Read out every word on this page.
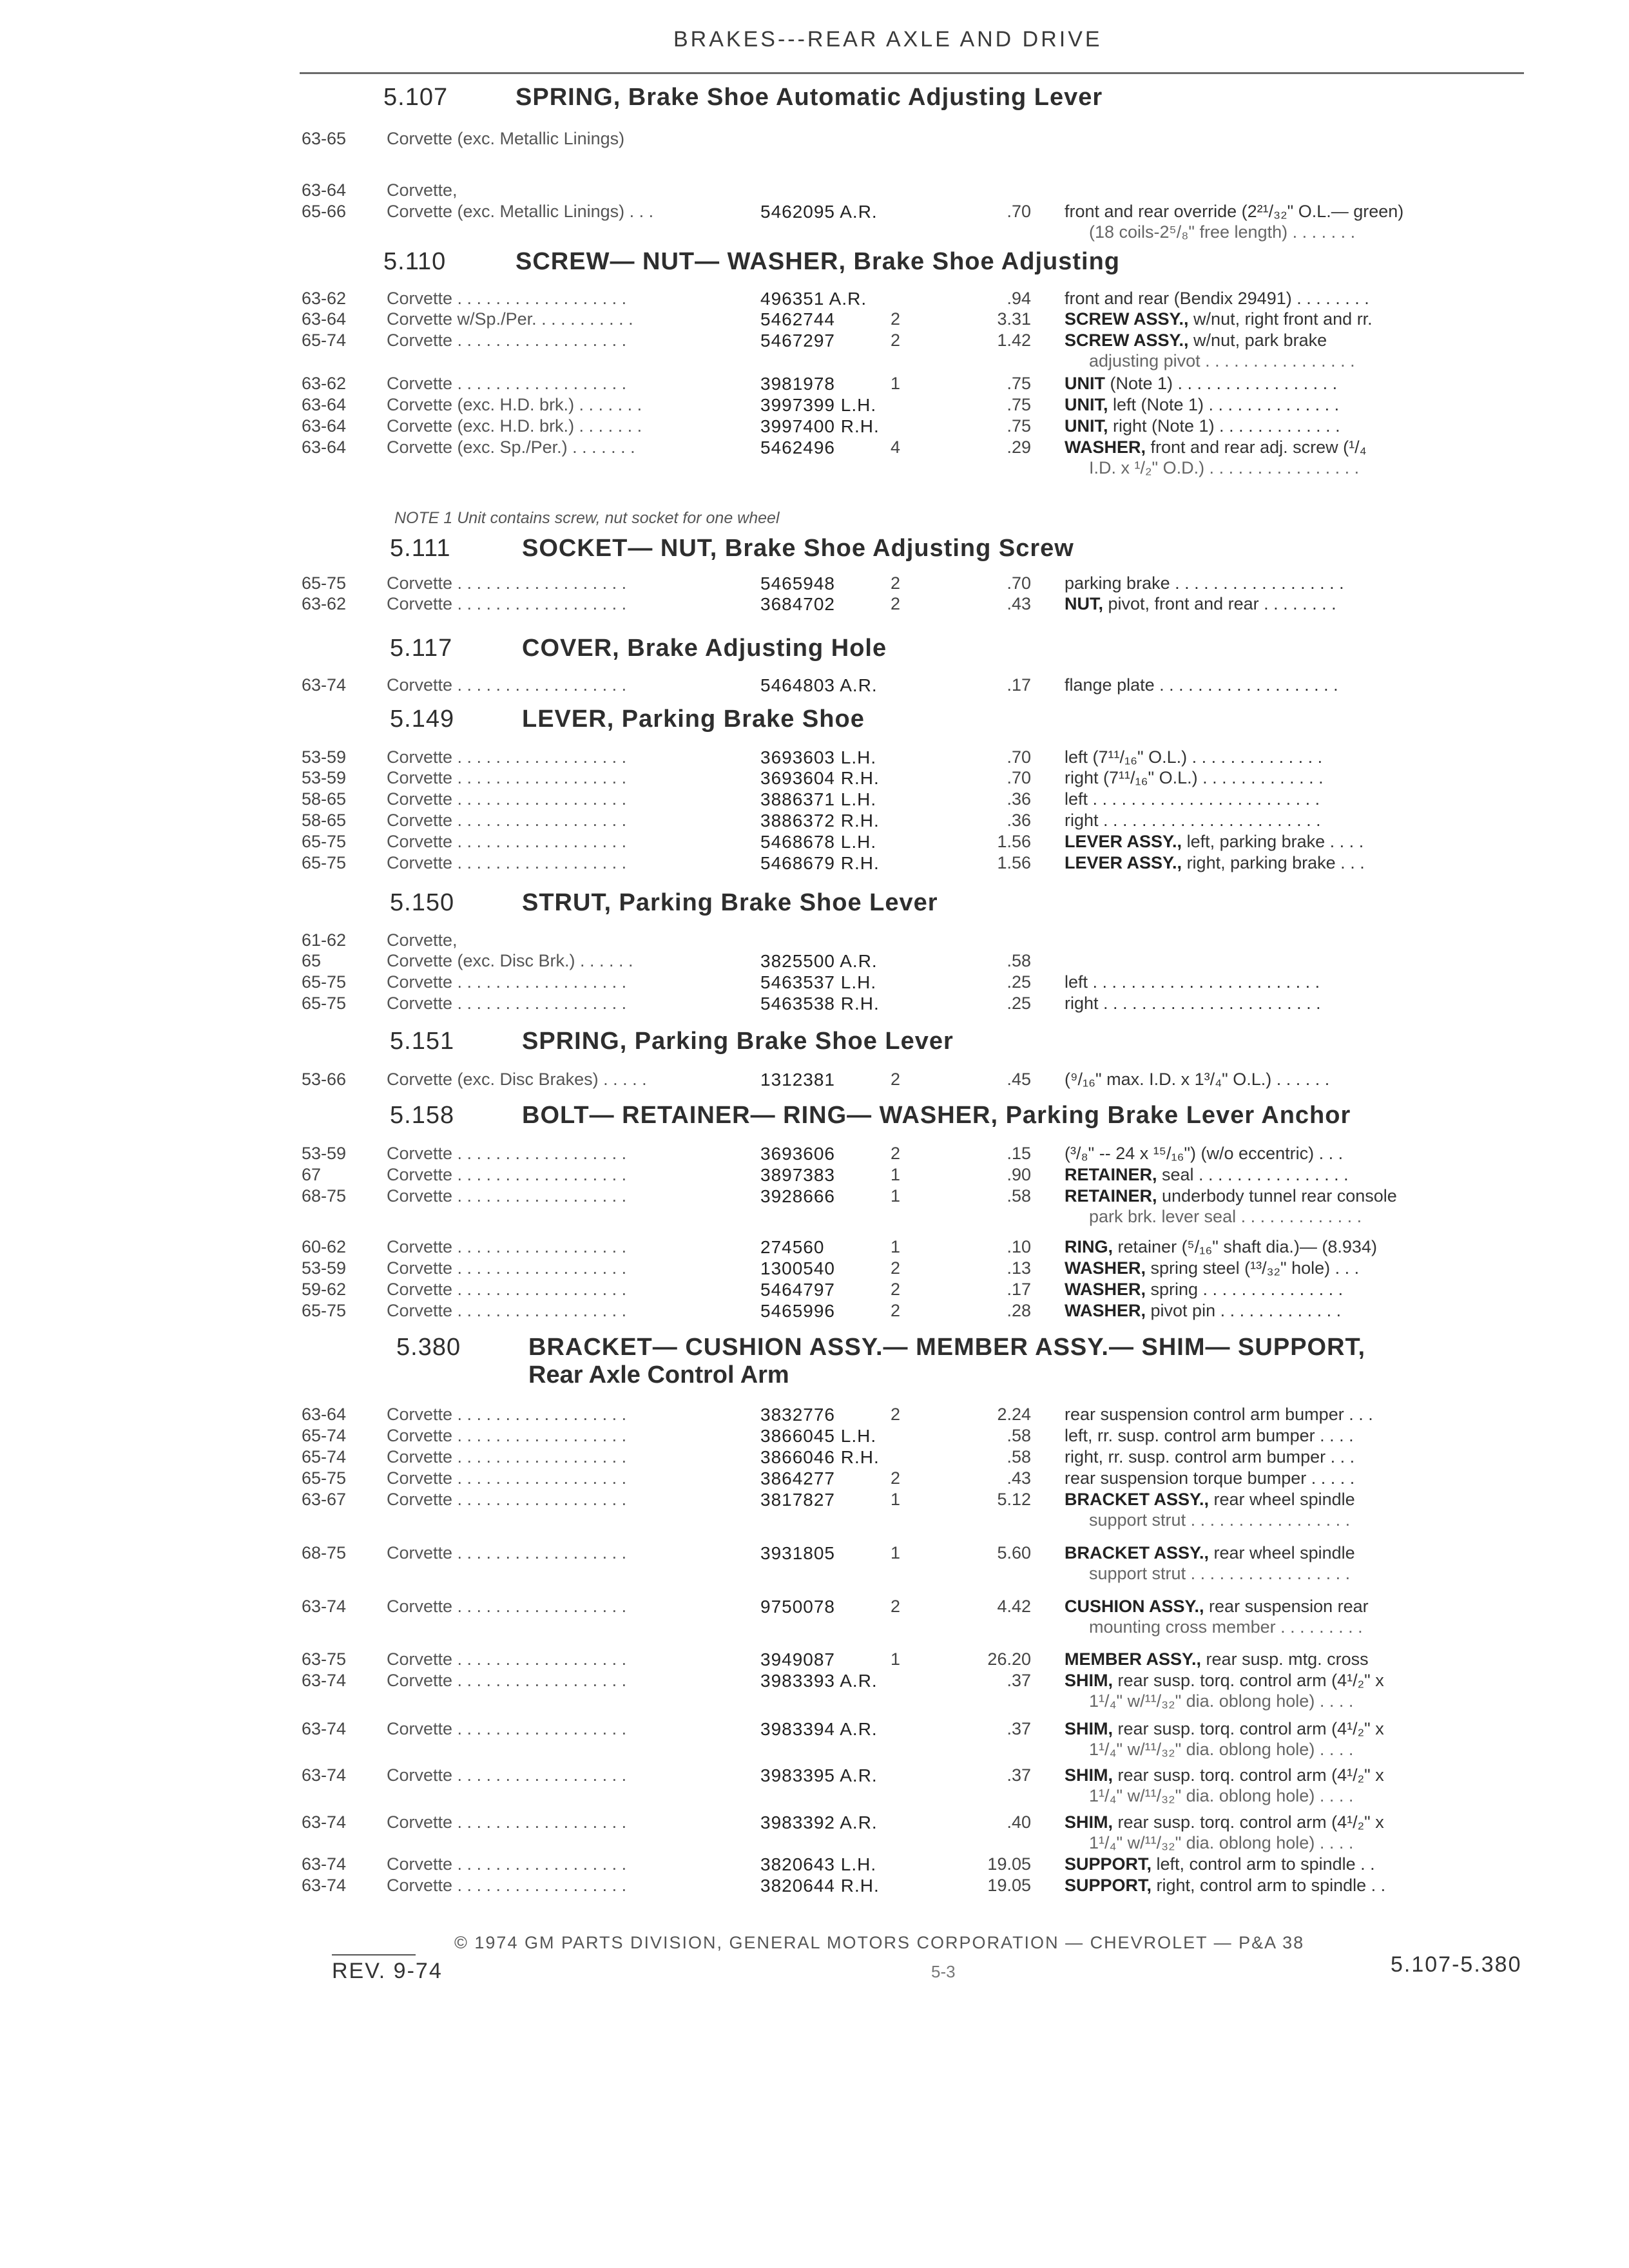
BRAKES---REAR AXLE AND DRIVE
5.107	SPRING, Brake Shoe Automatic Adjusting Lever
63-65 Corvette (exc. Metallic Linings)
63-64 Corvette,
65-66 Corvette (exc. Metallic Linings) . . .	5462095 A.R.	.70 front and rear override (2²¹/₃₂" O.L.— green)
(18 coils-2⁵/₈" free length) . . . . . . .
5.110	SCREW— NUT— WASHER, Brake Shoe Adjusting
63-62 Corvette . . . . . . . . . . . . . . . . . .	496351 A.R.	.94 front and rear (Bendix 29491) . . . . . . . .
63-64 Corvette w/Sp./Per. . . . . . . . . . .	5462744	2	3.31 SCREW ASSY., w/nut, right front and rr.
65-74 Corvette . . . . . . . . . . . . . . . . . .	5467297	2	1.42 SCREW ASSY., w/nut, park brake
adjusting pivot . . . . . . . . . . . . . . . .
63-62 Corvette . . . . . . . . . . . . . . . . . .	3981978	1	.75 UNIT (Note 1) . . . . . . . . . . . . . . . . .
63-64 Corvette (exc. H.D. brk.) . . . . . . .	3997399 L.H.	.75 UNIT, left (Note 1) . . . . . . . . . . . . . .
63-64 Corvette (exc. H.D. brk.) . . . . . . .	3997400 R.H.	.75 UNIT, right (Note 1) . . . . . . . . . . . . .
63-64 Corvette (exc. Sp./Per.) . . . . . . .	5462496	4	.29 WASHER, front and rear adj. screw (¹/₄
I.D. x ¹/₂" O.D.) . . . . . . . . . . . . . . . .
NOTE 1 Unit contains screw, nut socket for one wheel
5.111	SOCKET— NUT, Brake Shoe Adjusting Screw
65-75 Corvette . . . . . . . . . . . . . . . . . .	5465948	2	.70 parking brake . . . . . . . . . . . . . . . . . .
63-62 Corvette . . . . . . . . . . . . . . . . . .	3684702	2	.43 NUT, pivot, front and rear . . . . . . . .
5.117	COVER, Brake Adjusting Hole
63-74 Corvette . . . . . . . . . . . . . . . . . .	5464803 A.R.	.17 flange plate . . . . . . . . . . . . . . . . . . .
5.149	LEVER, Parking Brake Shoe
53-59 Corvette . . . . . . . . . . . . . . . . . .	3693603 L.H.	.70 left (7¹¹/₁₆" O.L.) . . . . . . . . . . . . . .
53-59 Corvette . . . . . . . . . . . . . . . . . .	3693604 R.H.	.70 right (7¹¹/₁₆" O.L.) . . . . . . . . . . . . .
58-65 Corvette . . . . . . . . . . . . . . . . . .	3886371 L.H.	.36 left . . . . . . . . . . . . . . . . . . . . . . . .
58-65 Corvette . . . . . . . . . . . . . . . . . .	3886372 R.H.	.36 right . . . . . . . . . . . . . . . . . . . . . . .
65-75 Corvette . . . . . . . . . . . . . . . . . .	5468678 L.H.	1.56 LEVER ASSY., left, parking brake . . . .
65-75 Corvette . . . . . . . . . . . . . . . . . .	5468679 R.H.	1.56 LEVER ASSY., right, parking brake . . .
5.150	STRUT, Parking Brake Shoe Lever
61-62 Corvette,
65	Corvette (exc. Disc Brk.) . . . . . .	3825500 A.R.	.58
65-75 Corvette . . . . . . . . . . . . . . . . . .	5463537 L.H.	.25 left . . . . . . . . . . . . . . . . . . . . . . . .
65-75 Corvette . . . . . . . . . . . . . . . . . .	5463538 R.H.	.25 right . . . . . . . . . . . . . . . . . . . . . . .
5.151	SPRING, Parking Brake Shoe Lever
53-66 Corvette (exc. Disc Brakes) . . . . .	1312381	2	.45 (⁹/₁₆" max. I.D. x 1³/₄" O.L.) . . . . . .
5.158	BOLT— RETAINER— RING— WASHER, Parking Brake Lever Anchor
53-59 Corvette . . . . . . . . . . . . . . . . . .	3693606	2	.15 (³/₈" -- 24 x ¹⁵/₁₆") (w/o eccentric) . . .
67	Corvette . . . . . . . . . . . . . . . . . .	3897383	1	.90 RETAINER, seal . . . . . . . . . . . . . . . .
68-75 Corvette . . . . . . . . . . . . . . . . . .	3928666	1	.58 RETAINER, underbody tunnel rear console
park brk. lever seal . . . . . . . . . . . . .
60-62 Corvette . . . . . . . . . . . . . . . . . .	274560	1	.10 RING, retainer (⁵/₁₆" shaft dia.)— (8.934)
53-59 Corvette . . . . . . . . . . . . . . . . . .	1300540	2	.13 WASHER, spring steel (¹³/₃₂" hole) . . .
59-62 Corvette . . . . . . . . . . . . . . . . . .	5464797	2	.17 WASHER, spring . . . . . . . . . . . . . . .
65-75 Corvette . . . . . . . . . . . . . . . . . .	5465996	2	.28 WASHER, pivot pin . . . . . . . . . . . . .
5.380	BRACKET— CUSHION ASSY.— MEMBER ASSY.— SHIM— SUPPORT,
Rear Axle Control Arm
63-64 Corvette . . . . . . . . . . . . . . . . . .	3832776	2	2.24 rear suspension control arm bumper . . .
65-74 Corvette . . . . . . . . . . . . . . . . . .	3866045 L.H.	.58 left, rr. susp. control arm bumper . . . .
65-74 Corvette . . . . . . . . . . . . . . . . . .	3866046 R.H.	.58 right, rr. susp. control arm bumper . . .
65-75 Corvette . . . . . . . . . . . . . . . . . .	3864277	2	.43 rear suspension torque bumper . . . . .
63-67 Corvette . . . . . . . . . . . . . . . . . .	3817827	1	5.12 BRACKET ASSY., rear wheel spindle
support strut . . . . . . . . . . . . . . . . .
68-75 Corvette . . . . . . . . . . . . . . . . . .	3931805	1	5.60 BRACKET ASSY., rear wheel spindle
support strut . . . . . . . . . . . . . . . . .
63-74 Corvette . . . . . . . . . . . . . . . . . .	9750078	2	4.42 CUSHION ASSY., rear suspension rear
mounting cross member . . . . . . . . .
63-75 Corvette . . . . . . . . . . . . . . . . . .	3949087	1	26.20 MEMBER ASSY., rear susp. mtg. cross
63-74 Corvette . . . . . . . . . . . . . . . . . .	3983393 A.R.	.37 SHIM, rear susp. torq. control arm (4¹/₂" x
1¹/₄" w/¹¹/₃₂" dia. oblong hole) . . . .
63-74 Corvette . . . . . . . . . . . . . . . . . .	3983394 A.R.	.37 SHIM, rear susp. torq. control arm (4¹/₂" x
1¹/₄" w/¹¹/₃₂" dia. oblong hole) . . . .
63-74 Corvette . . . . . . . . . . . . . . . . . .	3983395 A.R.	.37 SHIM, rear susp. torq. control arm (4¹/₂" x
1¹/₄" w/¹¹/₃₂" dia. oblong hole) . . . .
63-74 Corvette . . . . . . . . . . . . . . . . . .	3983392 A.R.	.40 SHIM, rear susp. torq. control arm (4¹/₂" x
1¹/₄" w/¹¹/₃₂" dia. oblong hole) . . . .
63-74 Corvette . . . . . . . . . . . . . . . . . .	3820643 L.H.	19.05 SUPPORT, left, control arm to spindle . .
63-74 Corvette . . . . . . . . . . . . . . . . . .	3820644 R.H.	19.05 SUPPORT, right, control arm to spindle . .
© 1974 GM PARTS DIVISION, GENERAL MOTORS CORPORATION — CHEVROLET — P&A 38
REV. 9-74	5-3	5.107-5.380
